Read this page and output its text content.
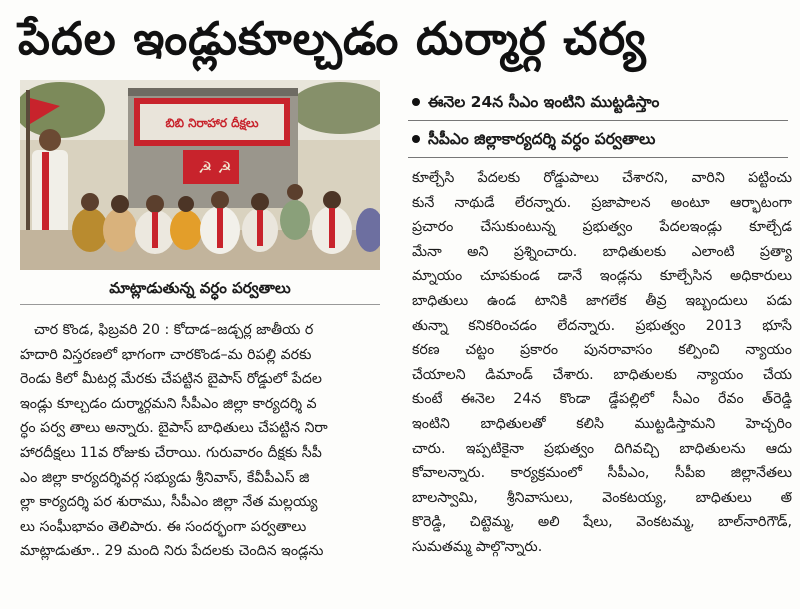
పేదల ఇండ్లుకూల్చడం దుర్మార్గ చర్య
బిబి నిరాహార దీక్షలు
☭ ☭
మాట్లాడుతున్న వర్ధం పర్వతాలు
ఈనెల 24న సీఎం ఇంటిని ముట్టడిస్తాం
సీపీఎం జిల్లాకార్యదర్శి వర్ధం పర్వతాలు
చార కొండ, ఫిబ్రవరి 20 : కోదాడ–జడ్చర్ల జాతీయ ర
హదారి విస్తరణలో భాగంగా చారకొండ–మ రిపల్లి వరకు
రెండు కిలో మీటర్ల మేరకు చేపట్టిన బైపాస్ రోడ్డులో పేదల
ఇండ్లు కూల్చడం దుర్మార్గమని సీపీఎం జిల్లా కార్యదర్శి వ
ర్ధం పర్వ తాలు అన్నారు. బైపాస్ బాధితులు చేపట్టిన నిరా
హారదీక్షలు 11వ రోజుకు చేరాయి. గురువారం దీక్షకు సీపీ
ఎం జిల్లా కార్యదర్శివర్గ సభ్యుడు శ్రీనివాస్, కేవీపీఎస్ జి
ల్లా కార్యదర్శి పర శురాము, సీపీఎం జిల్లా నేత మల్లయ్య
లు సంఘీభావం తెలిపారు. ఈ సందర్భంగా పర్వతాలు
మాట్లాడుతూ.. 29 మంది నిరు పేదలకు చెందిన ఇండ్లను
కూల్చేసి పేదలకు రోడ్డుపాలు చేశారని, వారిని పట్టించు
కునే నాథుడే లేరన్నారు. ప్రజాపాలన అంటూ ఆర్భాటంగా
ప్రచారం చేసుకుంటున్న ప్రభుత్వం పేదలఇండ్లు కూల్చేడ
మేనా అని ప్రశ్నించారు. బాధితులకు ఎలాంటి ప్రత్యా
మ్నాయం చూపకుండ డానే ఇండ్లను కూల్చేసిన అధికారులు
బాధితులు ఉండ టానికి జాగలేక తీవ్ర ఇబ్బందులు పడు
తున్నా కనికరించడం లేదన్నారు. ప్రభుత్వం 2013 భూసే
కరణ చట్టం ప్రకారం పునరావాసం కల్పించి న్యాయం
చేయాలని డిమాండ్ చేశారు. బాధితులకు న్యాయం చేయ
కుంటే ఈనెల 24న కొండా డ్డేపల్లిలో సీఎం రేవం త్‌రెడ్డి
ఇంటిని బాధితులతో కలిసి ముట్టడిస్తామని హెచ్చరిం
చారు. ఇప్పటికైనా ప్రభుత్వం దిగివచ్చి బాధితులను ఆదు
కోవాలన్నారు. కార్యక్రమంలో సీపీఎం, సీపీఐ జిల్లానేతలు
బాలస్వామి, శ్రీనివాసులు, వెంకటయ్య, బాధితులు అో
కొరెడ్డి, చిట్టెమ్మ, అలి షేలు, వెంకటమ్మ, బాల్‌నారిగౌడ్,
సుమతమ్మ పాల్గొన్నారు.
